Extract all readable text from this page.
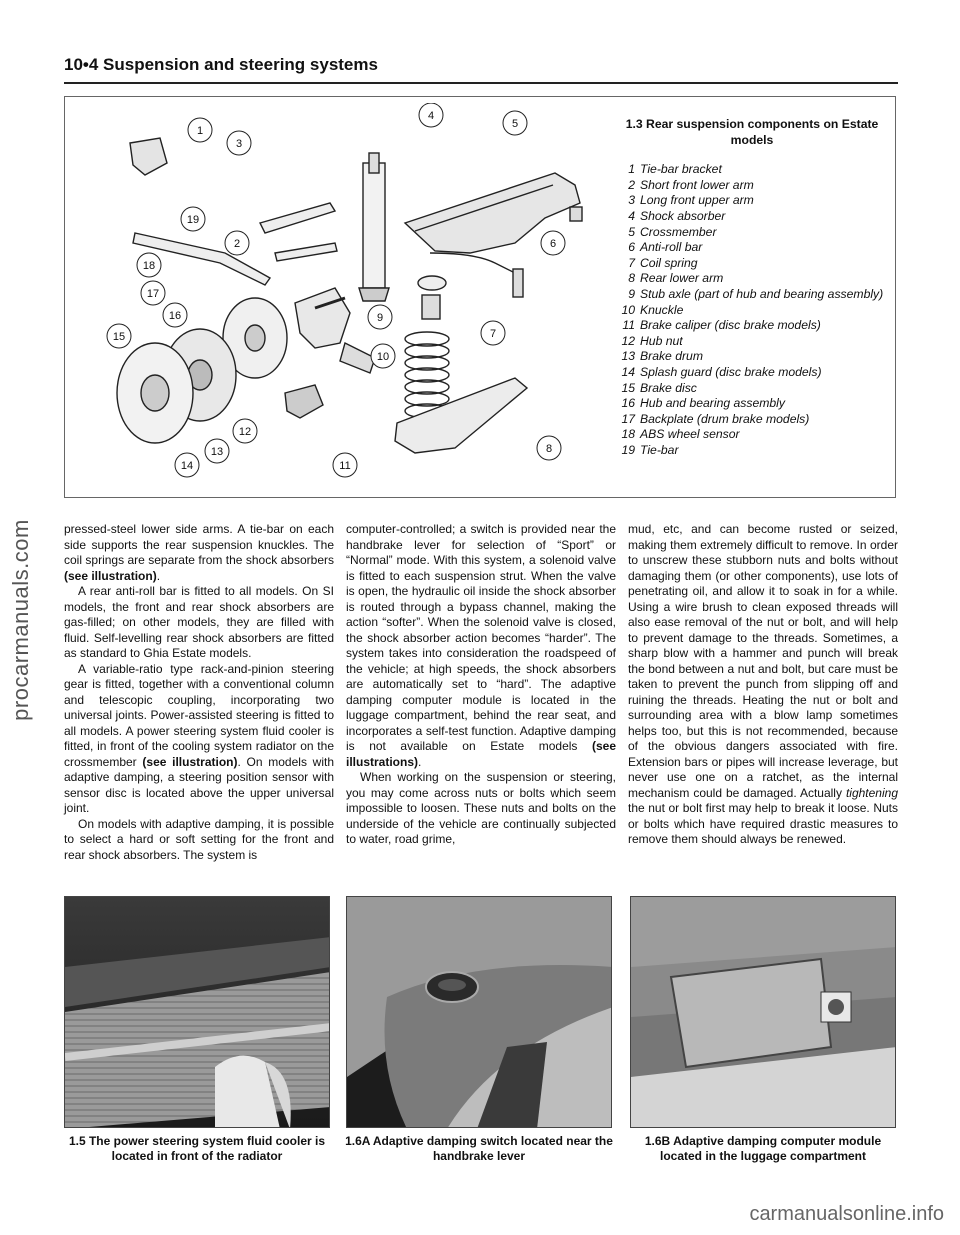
procarmanuals.com
10•4 Suspension and steering systems
1
2
3
4
5
6
7
8
9
10
11
12
13
14
15
16
17
18
19
1.3 Rear suspension components on Estate models
1 Tie-bar bracket
2 Short front lower arm
3 Long front upper arm
4 Shock absorber
5 Crossmember
6 Anti-roll bar
7 Coil spring
8 Rear lower arm
9 Stub axle (part of hub and bearing assembly)
10 Knuckle
11 Brake caliper (disc brake models)
12 Hub nut
13 Brake drum
14 Splash guard (disc brake models)
15 Brake disc
16 Hub and bearing assembly
17 Backplate (drum brake models)
18 ABS wheel sensor
19 Tie-bar

pressed-steel lower side arms. A tie-bar on each side supports the rear suspension knuckles. The coil springs are separate from the shock absorbers (see illustration).

A rear anti-roll bar is fitted to all models. On SI models, the front and rear shock absorbers are gas-filled; on other models, they are filled with fluid. Self-levelling rear shock absorbers are fitted as standard to Ghia Estate models.

A variable-ratio type rack-and-pinion steering gear is fitted, together with a conventional column and telescopic coupling, incorporating two universal joints. Power-assisted steering is fitted to all models. A power steering system fluid cooler is fitted, in front of the cooling system radiator on the crossmember (see illustration). On models with adaptive damping, a steering position sensor with sensor disc is located above the upper universal joint.

On models with adaptive damping, it is possible to select a hard or soft setting for the front and rear shock absorbers. The system is

computer-controlled; a switch is provided near the handbrake lever for selection of “Sport” or “Normal” mode. With this system, a solenoid valve is fitted to each suspension strut. When the valve is open, the hydraulic oil inside the shock absorber is routed through a bypass channel, making the action “softer”. When the solenoid valve is closed, the shock absorber action becomes “harder”. The system takes into consideration the roadspeed of the vehicle; at high speeds, the shock absorbers are automatically set to “hard”. The adaptive damping computer module is located in the luggage compartment, behind the rear seat, and incorporates a self-test function. Adaptive damping is not available on Estate models (see illustrations).

When working on the suspension or steering, you may come across nuts or bolts which seem impossible to loosen. These nuts and bolts on the underside of the vehicle are continually subjected to water, road grime,

mud, etc, and can become rusted or seized, making them extremely difficult to remove. In order to unscrew these stubborn nuts and bolts without damaging them (or other components), use lots of penetrating oil, and allow it to soak in for a while. Using a wire brush to clean exposed threads will also ease removal of the nut or bolt, and will help to prevent damage to the threads. Sometimes, a sharp blow with a hammer and punch will break the bond between a nut and bolt, but care must be taken to prevent the punch from slipping off and ruining the threads. Heating the nut or bolt and surrounding area with a blow lamp sometimes helps too, but this is not recommended, because of the obvious dangers associated with fire. Extension bars or pipes will increase leverage, but never use one on a ratchet, as the internal mechanism could be damaged. Actually tightening the nut or bolt first may help to break it loose. Nuts or bolts which have required drastic measures to remove them should always be renewed.

1.5 The power steering system fluid cooler is located in front of the radiator
1.6A Adaptive damping switch located near the handbrake lever
1.6B Adaptive damping computer module located in the luggage compartment
carmanualsonline.info
